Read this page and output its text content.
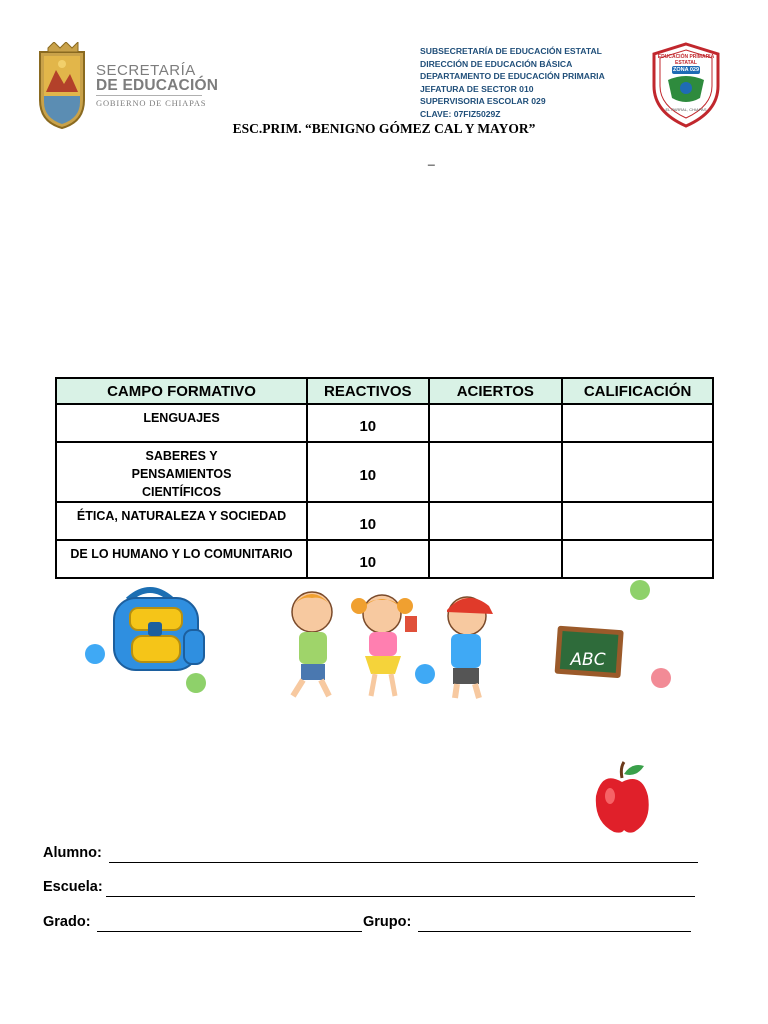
SECRETARÍA
DE EDUCACIÓN
GOBIERNO DE CHIAPAS
SUBSECRETARÍA DE EDUCACIÓN ESTATAL
DIRECCIÓN DE EDUCACIÓN BÁSICA
DEPARTAMENTO DE EDUCACIÓN PRIMARIA
JEFATURA DE SECTOR 010
SUPERVISORIA ESCOLAR 029
CLAVE: 07FIZ5029Z
EDUCACIÓN PRIMARIA ESTATAL
ZONA 029
EL PARRAL, CHIAPAS
ESC.PRIM. “BENIGNO GÓMEZ CAL Y MAYOR”
_
CAMPO FORMATIVO	REACTIVOS	ACIERTOS	CALIFICACIÓN
LENGUAJES	10		
SABERES Y PENSAMIENTOS CIENTÍFICOS	10		
ÉTICA, NATURALEZA Y SOCIEDAD	10		
DE LO HUMANO Y LO COMUNITARIO	10		
ABC
Alumno:
Escuela:
Grado:	Grupo:
